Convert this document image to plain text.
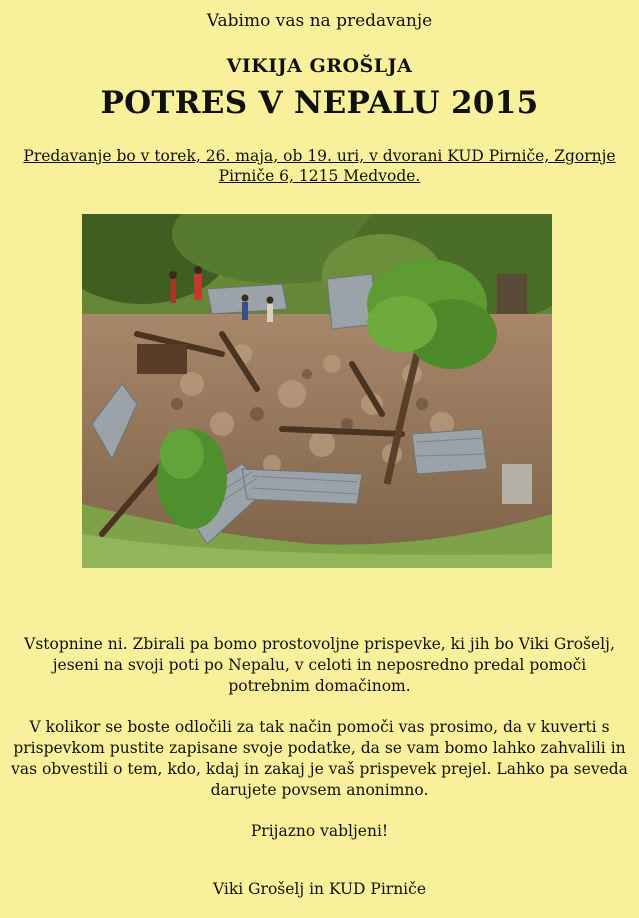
Vabimo vas na predavanje
VIKIJA GROŠLJA
POTRES V NEPALU 2015
Predavanje bo v torek, 26. maja, ob 19. uri, v dvorani KUD Pirniče, Zgornje Pirniče 6, 1215 Medvode.
Vstopnine ni. Zbirali pa bomo prostovoljne prispevke, ki jih bo Viki Grošelj, jeseni na svoji poti po Nepalu, v celoti in neposredno predal pomoči potrebnim domačinom.
V kolikor se boste odločili za tak način pomoči vas prosimo, da v kuverti s prispevkom pustite zapisane svoje podatke, da se vam bomo lahko zahvalili in vas obvestili o tem, kdo, kdaj in zakaj je vaš prispevek prejel. Lahko pa seveda darujete povsem anonimno.
Prijazno vabljeni!
Viki Grošelj in KUD Pirniče
